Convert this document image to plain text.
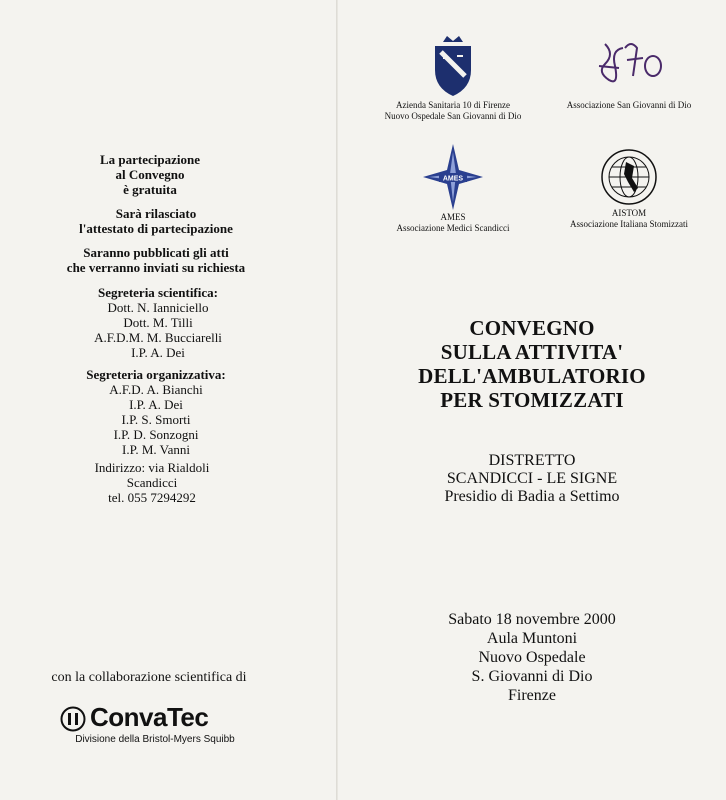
La partecipazione
al Convegno
è gratuita
Sarà rilasciato
l'attestato di partecipazione
Saranno pubblicati gli atti
che verranno inviati su richiesta
Segreteria scientifica:
Dott. N. Ianniciello
Dott. M. Tilli
A.F.D.M. M. Bucciarelli
I.P. A. Dei
Segreteria organizzativa:
A.F.D. A. Bianchi
I.P. A. Dei
I.P. S. Smorti
I.P. D. Sonzogni
I.P. M. Vanni
Indirizzo: via Rialdoli
Scandicci
tel. 055 7294292
con la collaborazione scientifica di
ConvaTec
Divisione della Bristol-Myers Squibb
Azienda Sanitaria 10 di Firenze
Nuovo Ospedale San Giovanni di Dio
Associazione San Giovanni di Dio
AMES
AMES
Associazione Medici Scandicci
AISTOM
Associazione Italiana Stomizzati
CONVEGNO
SULLA ATTIVITA'
DELL'AMBULATORIO
PER STOMIZZATI
DISTRETTO
SCANDICCI - LE SIGNE
Presidio di Badia a Settimo
Sabato 18 novembre 2000
Aula Muntoni
Nuovo Ospedale
S. Giovanni di Dio
Firenze
